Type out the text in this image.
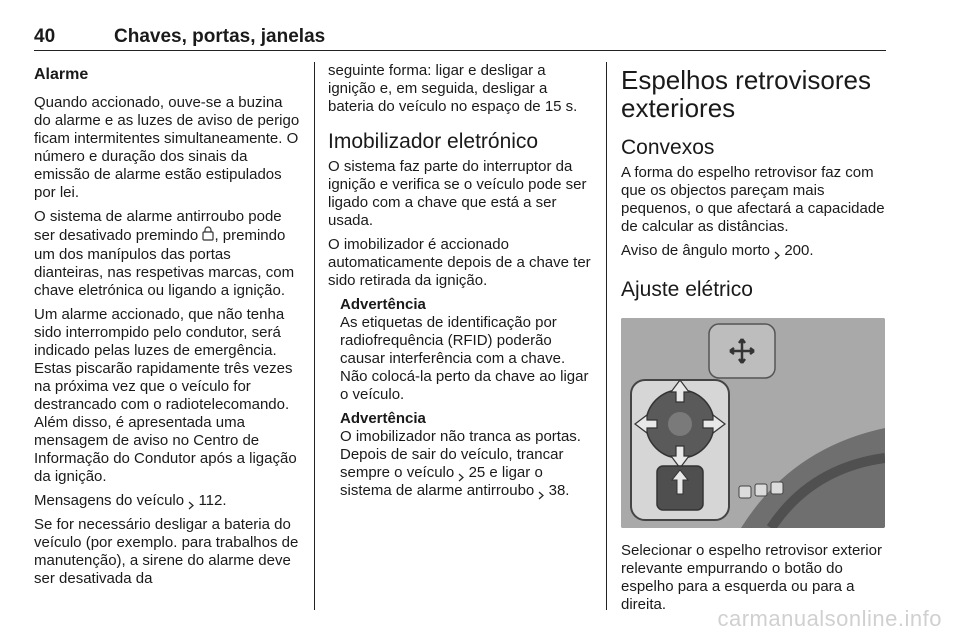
40	Chaves, portas, janelas
Alarme

Quando accionado, ouve-se a buzina do alarme e as luzes de aviso de perigo ficam intermitentes simultaneamente. O número e duração dos sinais da emissão de alarme estão estipulados por lei.

O sistema de alarme antirroubo pode ser desativado premindo , premindo um dos manípulos das portas dianteiras, nas respetivas marcas, com chave eletrónica ou ligando a ignição.

Um alarme accionado, que não tenha sido interrompido pelo condutor, será indicado pelas luzes de emergência. Estas piscarão rapidamente três vezes na próxima vez que o veículo for destrancado com o radiotelecomando. Além disso, é apresentada uma mensagem de aviso no Centro de Informação do Condutor após a ligação da ignição.

Mensagens do veículo  112.

Se for necessário desligar a bateria do veículo (por exemplo. para trabalhos de manutenção), a sirene do alarme deve ser desativada da

seguinte forma: ligar e desligar a ignição e, em seguida, desligar a bateria do veículo no espaço de 15 s.

Imobilizador eletrónico

O sistema faz parte do interruptor da ignição e verifica se o veículo pode ser ligado com a chave que está a ser usada.

O imobilizador é accionado automaticamente depois de a chave ter sido retirada da ignição.

Advertência

As etiquetas de identificação por radiofrequência (RFID) poderão causar interferência com a chave. Não colocá-la perto da chave ao ligar o veículo.

Advertência

O imobilizador não tranca as portas. Depois de sair do veículo, trancar sempre o veículo  25 e ligar o sistema de alarme antirroubo  38.

Espelhos retrovisores exteriores
Convexos

A forma do espelho retrovisor faz com que os objectos pareçam mais pequenos, o que afectará a capacidade de calcular as distâncias.

Aviso de ângulo morto  200.

Ajuste elétrico

Selecionar o espelho retrovisor exterior relevante empurrando o botão do espelho para a esquerda ou para a direita.

carmanualsonline.info
